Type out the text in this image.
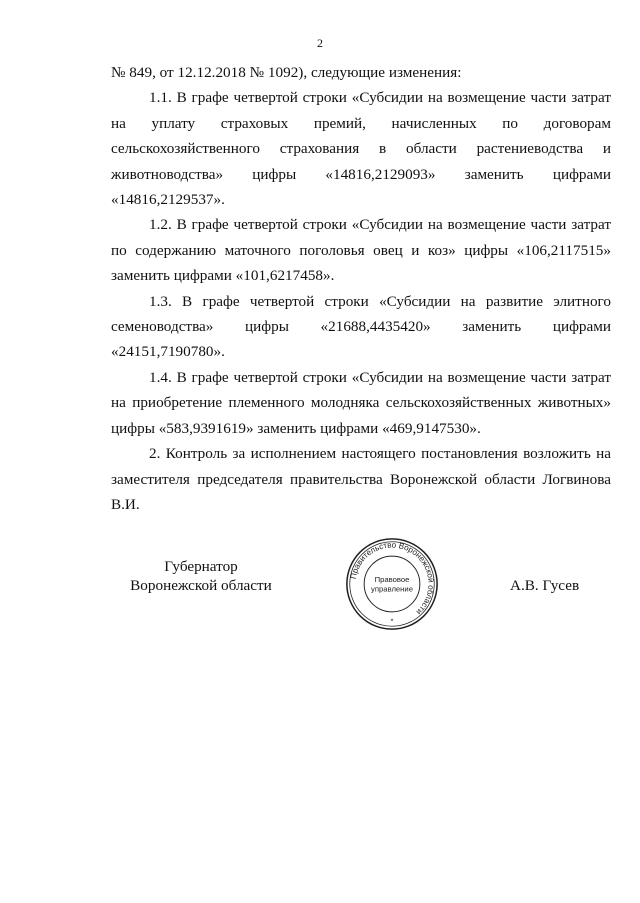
2

№ 849, от 12.12.2018 № 1092), следующие изменения:

1.1. В графе четвертой строки «Субсидии на возмещение части затрат на уплату страховых премий, начисленных по договорам сельскохозяйственного страхования в области растениеводства и животноводства» цифры «14816,2129093» заменить цифрами «14816,2129537».

1.2. В графе четвертой строки «Субсидии на возмещение части затрат по содержанию маточного поголовья овец и коз» цифры «106,2117515» заменить цифрами «101,6217458».

1.3. В графе четвертой строки «Субсидии на развитие элитного семеноводства» цифры «21688,4435420» заменить цифрами «24151,7190780».

1.4. В графе четвертой строки «Субсидии на возмещение части затрат на приобретение племенного молодняка сельскохозяйственных животных» цифры «583,9391619» заменить цифрами «469,9147530».

2. Контроль за исполнением настоящего постановления возложить на заместителя председателя правительства Воронежской области Логвинова В.И.

Губернатор
Воронежской области
Правительство Воронежской области
Правовое
управление
*
А.В. Гусев
